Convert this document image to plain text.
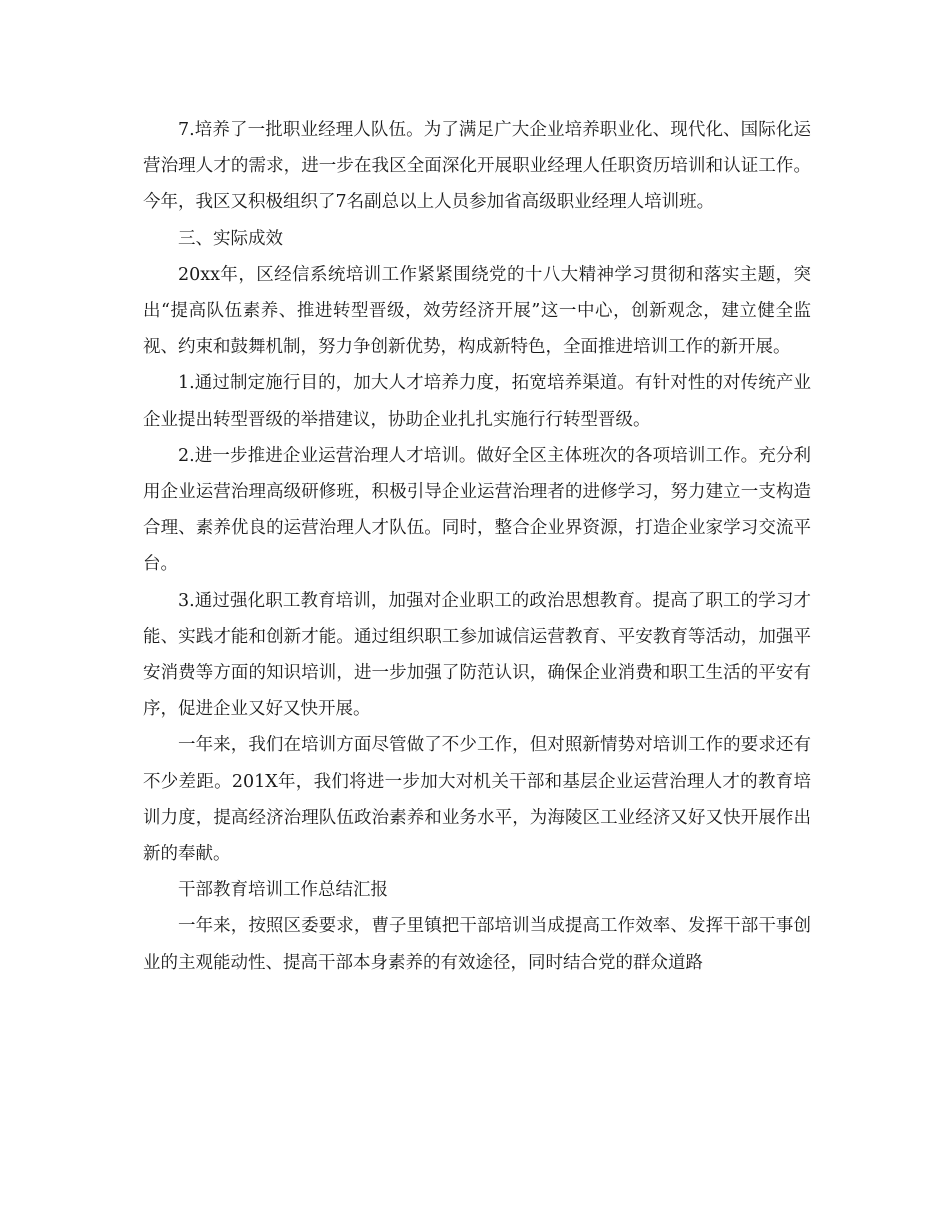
7.培养了一批职业经理人队伍。为了满足广大企业培养职业化、现代化、国际化运营治理人才的需求，进一步在我区全面深化开展职业经理人任职资历培训和认证工作。今年，我区又积极组织了7名副总以上人员参加省高级职业经理人培训班。

三、实际成效

20xx年，区经信系统培训工作紧紧围绕党的十八大精神学习贯彻和落实主题，突出“提高队伍素养、推进转型晋级，效劳经济开展”这一中心，创新观念，建立健全监视、约束和鼓舞机制，努力争创新优势，构成新特色，全面推进培训工作的新开展。

1.通过制定施行目的，加大人才培养力度，拓宽培养渠道。有针对性的对传统产业企业提出转型晋级的举措建议，协助企业扎扎实施行行转型晋级。

2.进一步推进企业运营治理人才培训。做好全区主体班次的各项培训工作。充分利用企业运营治理高级研修班，积极引导企业运营治理者的进修学习，努力建立一支构造合理、素养优良的运营治理人才队伍。同时，整合企业界资源，打造企业家学习交流平台。

3.通过强化职工教育培训，加强对企业职工的政治思想教育。提高了职工的学习才能、实践才能和创新才能。通过组织职工参加诚信运营教育、平安教育等活动，加强平安消费等方面的知识培训，进一步加强了防范认识，确保企业消费和职工生活的平安有序，促进企业又好又快开展。

一年来，我们在培训方面尽管做了不少工作，但对照新情势对培训工作的要求还有不少差距。201X年，我们将进一步加大对机关干部和基层企业运营治理人才的教育培训力度，提高经济治理队伍政治素养和业务水平，为海陵区工业经济又好又快开展作出新的奉献。

干部教育培训工作总结汇报

一年来，按照区委要求，曹子里镇把干部培训当成提高工作效率、发挥干部干事创业的主观能动性、提高干部本身素养的有效途径，同时结合党的群众道路
